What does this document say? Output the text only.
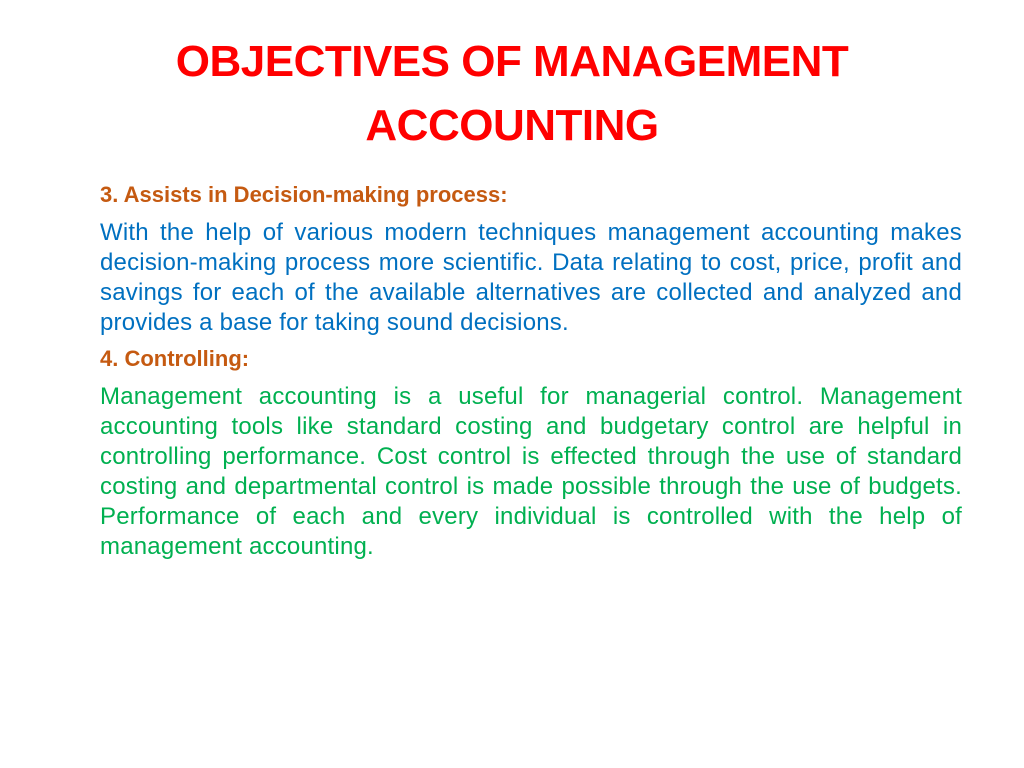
OBJECTIVES OF MANAGEMENT
ACCOUNTING
3. Assists in Decision-making process:
With the help of various modern techniques management accounting makes decision-making process more scientific. Data relating to cost, price, profit and savings for each of the available alternatives are collected and analyzed and provides a base for taking sound decisions.
4. Controlling:
Management accounting is a useful for managerial control. Management accounting tools like standard costing and budgetary control are helpful in controlling performance. Cost control is effected through the use of standard costing and departmental control is made possible through the use of budgets. Performance of each and every individual is controlled with the help of management accounting.
